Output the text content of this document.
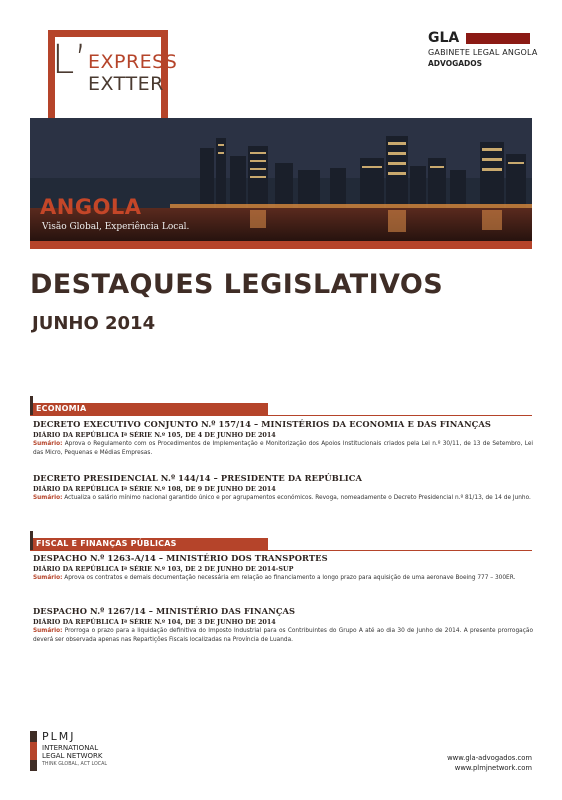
L’ EXPRESS
EXTTER
GLA
GABINETE LEGAL ANGOLA
ADVOGADOS
ANGOLA
Visão Global, Experiência Local.
DESTAQUES LEGISLATIVOS
JUNHO 2014
ECONOMIA
DECRETO EXECUTIVO CONJUNTO N.º 157/14 – MINISTÉRIOS DA ECONOMIA E DAS FINANÇAS
DIÁRIO DA REPÚBLICA Iª SÉRIE N.º 105, DE 4 DE JUNHO DE 2014
Sumário: Aprova o Regulamento com os Procedimentos de Implementação e Monitorização dos Apoios Institucionais criados pela Lei n.º 30/11, de 13 de Setembro, Lei das Micro, Pequenas e Médias Empresas.
DECRETO PRESIDENCIAL N.º 144/14 – PRESIDENTE DA REPÚBLICA
DIÁRIO DA REPÚBLICA Iª SÉRIE N.º 108, DE 9 DE JUNHO DE 2014
Sumário: Actualiza o salário mínimo nacional garantido único e por agrupamentos económicos. Revoga, nomeadamente o Decreto Presidencial n.º 81/13, de 14 de Junho.
FISCAL E FINANÇAS PÚBLICAS
DESPACHO N.º 1263-A/14 – MINISTÉRIO DOS TRANSPORTES
DIÁRIO DA REPÚBLICA Iª SÉRIE N.º 103, DE 2 DE JUNHO DE 2014-SUP
Sumário: Aprova os contratos e demais documentação necessária em relação ao financiamento a longo prazo para aquisição de uma aeronave Boeing 777 – 300ER.
DESPACHO N.º 1267/14 – MINISTÉRIO DAS FINANÇAS
DIÁRIO DA REPÚBLICA Iª SÉRIE N.º 104, DE 3 DE JUNHO DE 2014
Sumário: Prorroga o prazo para a liquidação definitiva do Imposto Industrial para os Contribuintes do Grupo A até ao dia 30 de Junho de 2014. A presente prorrogação deverá ser observada apenas nas Repartições Fiscais localizadas na Província de Luanda.
PLMJ
INTERNATIONAL
LEGAL NETWORK
THINK GLOBAL, ACT LOCAL
www.gla-advogados.com
www.plmjnetwork.com
